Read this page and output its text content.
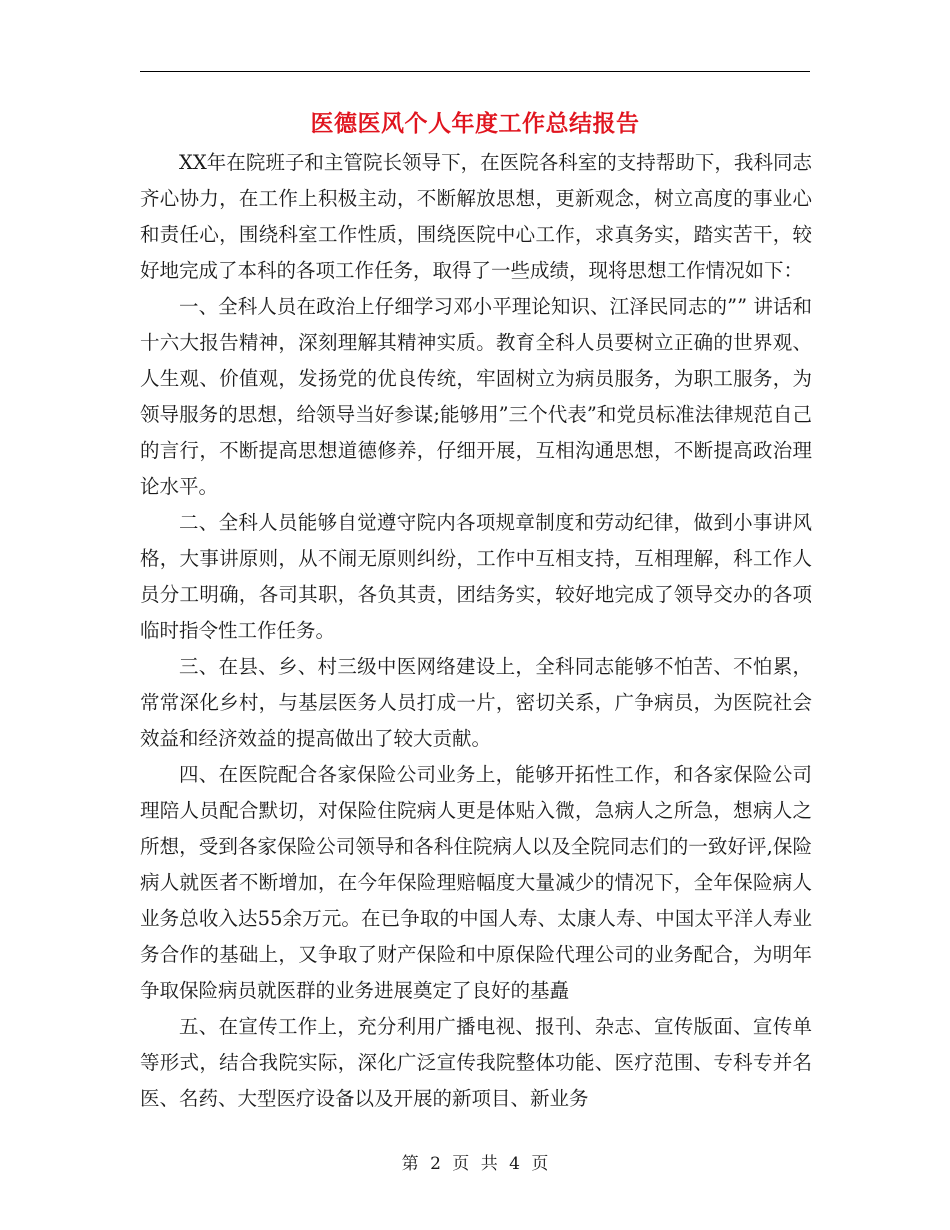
医德医风个人年度工作总结报告

XX年在院班子和主管院长领导下，在医院各科室的支持帮助下，我科同志齐心协力，在工作上积极主动，不断解放思想，更新观念，树立高度的事业心和责任心，围绕科室工作性质，围绕医院中心工作，求真务实，踏实苦干，较好地完成了本科的各项工作任务，取得了一些成绩，现将思想工作情况如下：

一、全科人员在政治上仔细学习邓小平理论知识、江泽民同志的”” 讲话和十六大报告精神，深刻理解其精神实质。教育全科人员要树立正确的世界观、人生观、价值观，发扬党的优良传统，牢固树立为病员服务，为职工服务，为领导服务的思想，给领导当好参谋;能够用”三个代表”和党员标准法律规范自己的言行，不断提高思想道德修养，仔细开展，互相沟通思想，不断提高政治理论水平。

二、全科人员能够自觉遵守院内各项规章制度和劳动纪律，做到小事讲风格，大事讲原则，从不闹无原则纠纷，工作中互相支持，互相理解，科工作人员分工明确，各司其职，各负其责，团结务实，较好地完成了领导交办的各项临时指令性工作任务。

三、在县、乡、村三级中医网络建设上，全科同志能够不怕苦、不怕累，常常深化乡村，与基层医务人员打成一片，密切关系，广争病员，为医院社会效益和经济效益的提高做出了较大贡献。

四、在医院配合各家保险公司业务上，能够开拓性工作，和各家保险公司理陪人员配合默切，对保险住院病人更是体贴入微，急病人之所急，想病人之所想，受到各家保险公司领导和各科住院病人以及全院同志们的一致好评,保险病人就医者不断增加，在今年保险理赔幅度大量减少的情况下，全年保险病人业务总收入达55余万元。在已争取的中国人寿、太康人寿、中国太平洋人寿业务合作的基础上，又争取了财产保险和中原保险代理公司的业务配合，为明年争取保险病员就医群的业务进展奠定了良好的基矗

五、在宣传工作上，充分利用广播电视、报刊、杂志、宣传版面、宣传单等形式，结合我院实际，深化广泛宣传我院整体功能、医疗范围、专科专并名医、名药、大型医疗设备以及开展的新项目、新业务

第 2 页 共 4 页
